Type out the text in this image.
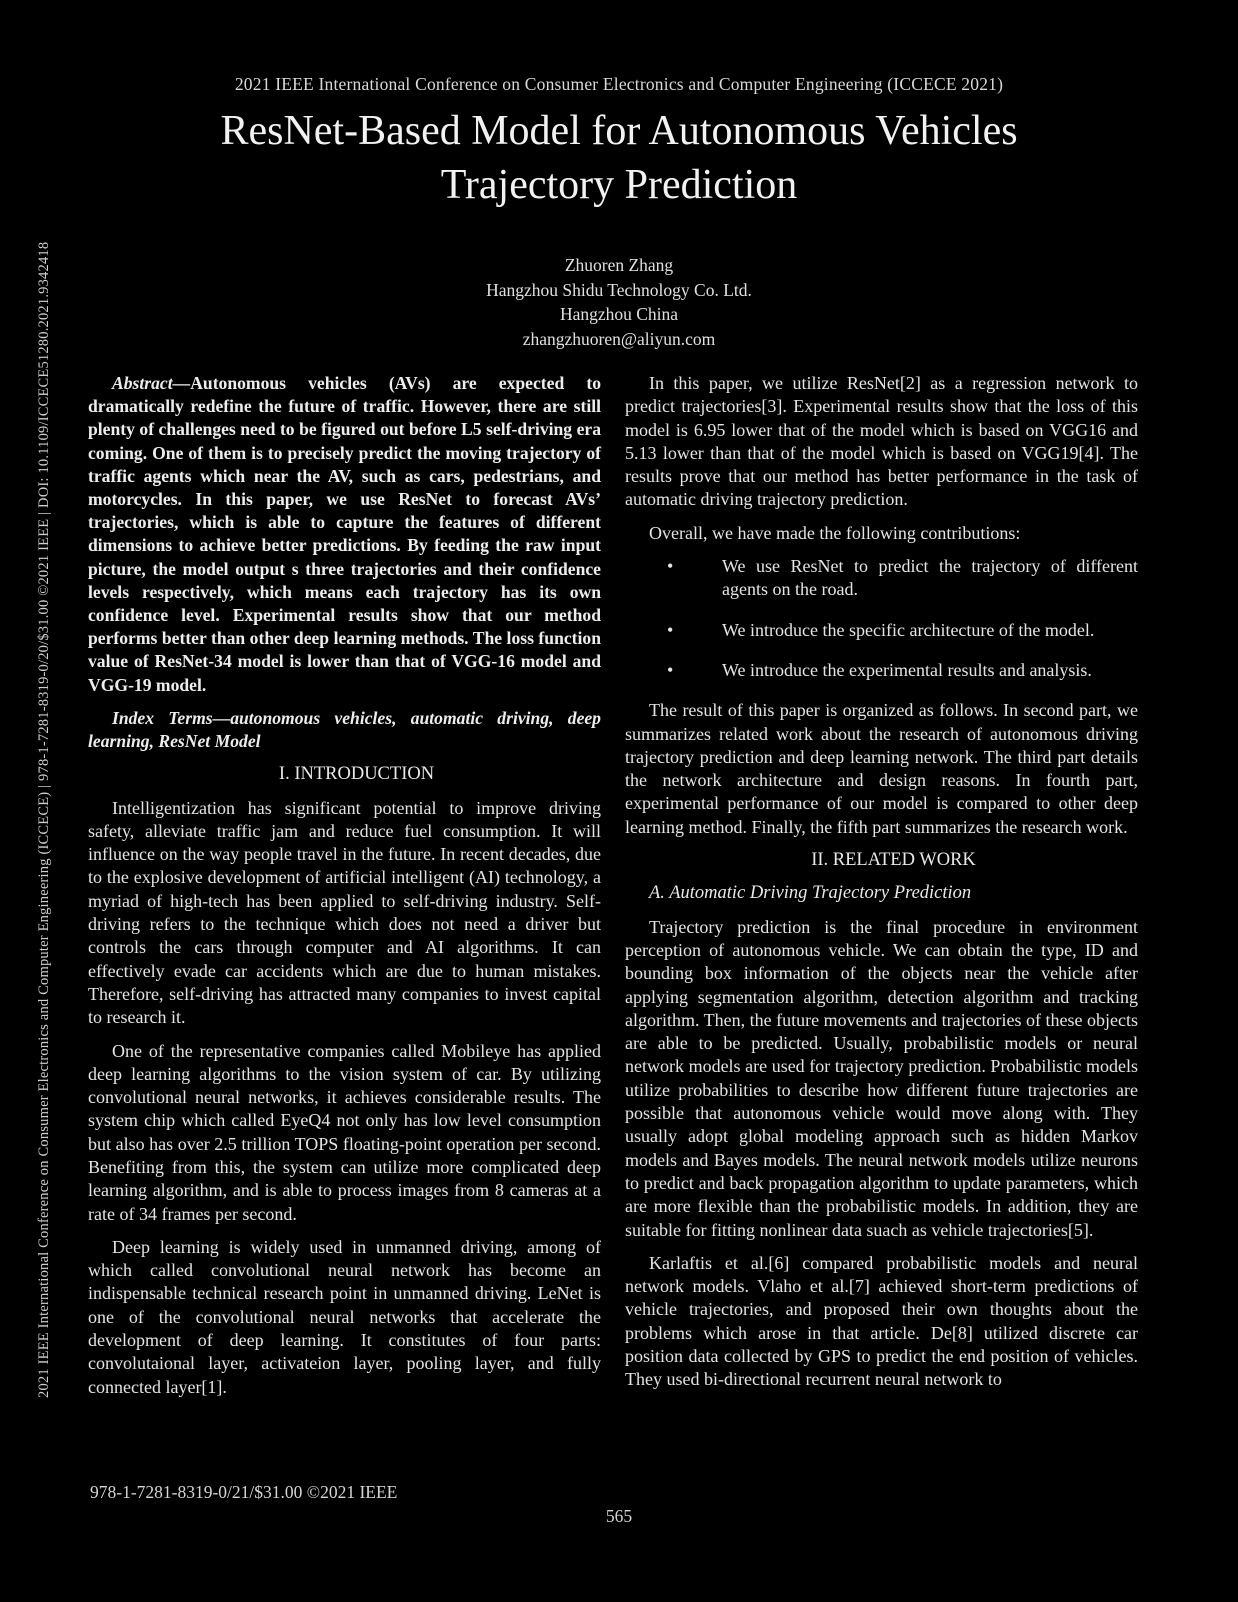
2021 IEEE International Conference on Consumer Electronics and Computer Engineering (ICCECE 2021)
ResNet-Based Model for Autonomous Vehicles
Trajectory Prediction
Zhuoren Zhang
Hangzhou Shidu Technology Co. Ltd.
Hangzhou China
zhangzhuoren@aliyun.com
2021 IEEE International Conference on Consumer Electronics and Computer Engineering (ICCECE) | 978-1-7281-8319-0/20/$31.00 ©2021 IEEE | DOI: 10.1109/ICCECE51280.2021.9342418	Abstract—Autonomous vehicles (AVs) are expected to dramatically redefine the future of traffic. However, there are still plenty of challenges need to be figured out before L5 self-driving era coming. One of them is to precisely predict the moving trajectory of traffic agents which near the AV, such as cars, pedestrians, and motorcycles. In this paper, we use ResNet to forecast AVs’ trajectories, which is able to capture the features of different dimensions to achieve better predictions. By feeding the raw input picture, the model output s three trajectories and their confidence levels respectively, which means each trajectory has its own confidence level. Experimental results show that our method performs better than other deep learning methods. The loss function value of ResNet-34 model is lower than that of VGG-16 model and VGG-19 model.

Index Terms—autonomous vehicles, automatic driving, deep learning, ResNet Model

I. INTRODUCTION

Intelligentization has significant potential to improve driving safety, alleviate traffic jam and reduce fuel consumption. It will influence on the way people travel in the future. In recent decades, due to the explosive development of artificial intelligent (AI) technology, a myriad of high-tech has been applied to self-driving industry. Self-driving refers to the technique which does not need a driver but controls the cars through computer and AI algorithms. It can effectively evade car accidents which are due to human mistakes. Therefore, self-driving has attracted many companies to invest capital to research it.

One of the representative companies called Mobileye has applied deep learning algorithms to the vision system of car. By utilizing convolutional neural networks, it achieves considerable results. The system chip which called EyeQ4 not only has low level consumption but also has over 2.5 trillion TOPS floating-point operation per second. Benefiting from this, the system can utilize more complicated deep learning algorithm, and is able to process images from 8 cameras at a rate of 34 frames per second.

Deep learning is widely used in unmanned driving, among of which called convolutional neural network has become an indispensable technical research point in unmanned driving. LeNet is one of the convolutional neural networks that accelerate the development of deep learning. It constitutes of four parts: convolutaional layer, activateion layer, pooling layer, and fully connected layer[1].

In this paper, we utilize ResNet[2] as a regression network to predict trajectories[3]. Experimental results show that the loss of this model is 6.95 lower that of the model which is based on VGG16 and 5.13 lower than that of the model which is based on VGG19[4]. The results prove that our method has better performance in the task of automatic driving trajectory prediction.

Overall, we have made the following contributions:

•	We use ResNet to predict the trajectory of different agents on the road.
•	We introduce the specific architecture of the model.
•	We introduce the experimental results and analysis.

The result of this paper is organized as follows. In second part, we summarizes related work about the research of autonomous driving trajectory prediction and deep learning network. The third part details the network architecture and design reasons. In fourth part, experimental performance of our model is compared to other deep learning method. Finally, the fifth part summarizes the research work.

II. RELATED WORK

A. Automatic Driving Trajectory Prediction

Trajectory prediction is the final procedure in environment perception of autonomous vehicle. We can obtain the type, ID and bounding box information of the objects near the vehicle after applying segmentation algorithm, detection algorithm and tracking algorithm. Then, the future movements and trajectories of these objects are able to be predicted. Usually, probabilistic models or neural network models are used for trajectory prediction. Probabilistic models utilize probabilities to describe how different future trajectories are possible that autonomous vehicle would move along with. They usually adopt global modeling approach such as hidden Markov models and Bayes models. The neural network models utilize neurons to predict and back propagation algorithm to update parameters, which are more flexible than the probabilistic models. In addition, they are suitable for fitting nonlinear data suach as vehicle trajectories[5].

Karlaftis et al.[6] compared probabilistic models and neural network models. Vlaho et al.[7] achieved short-term predictions of vehicle trajectories, and proposed their own thoughts about the problems which arose in that article. De[8] utilized discrete car position data collected by GPS to predict the end position of vehicles. They used bi-directional recurrent neural network to

978-1-7281-8319-0/21/$31.00 ©2021 IEEE
565
